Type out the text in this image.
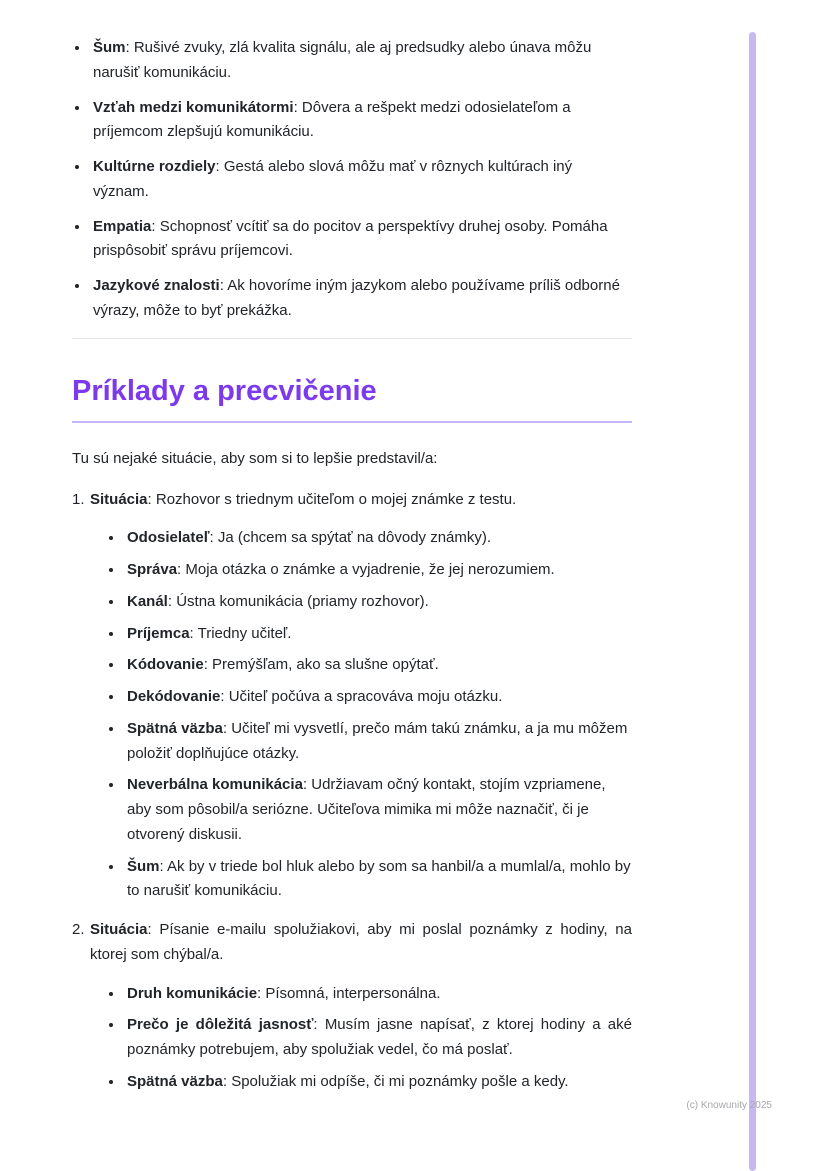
• Šum: Rušivé zvuky, zlá kvalita signálu, ale aj predsudky alebo únava môžu narušiť komunikáciu.
• Vzťah medzi komunikátormi: Dôvera a rešpekt medzi odosielateľom a príjemcom zlepšujú komunikáciu.
• Kultúrne rozdiely: Gestá alebo slová môžu mať v rôznych kultúrach iný význam.
• Empatia: Schopnosť vcítiť sa do pocitov a perspektívy druhej osoby. Pomáha prispôsobiť správu príjemcovi.
• Jazykové znalosti: Ak hovoríme iným jazykom alebo používame príliš odborné výrazy, môže to byť prekážka.
Príklady a precvičenie

Tu sú nejaké situácie, aby som si to lepšie predstavil/a:

1. Situácia: Rozhovor s triednym učiteľom o mojej známke z testu.
• Odosielateľ: Ja (chcem sa spýtať na dôvody známky).
• Správa: Moja otázka o známke a vyjadrenie, že jej nerozumiem.
• Kanál: Ústna komunikácia (priamy rozhovor).
• Príjemca: Triedny učiteľ.
• Kódovanie: Premýšľam, ako sa slušne opýtať.
• Dekódovanie: Učiteľ počúva a spracováva moju otázku.
• Spätná väzba: Učiteľ mi vysvetlí, prečo mám takú známku, a ja mu môžem položiť doplňujúce otázky.
• Neverbálna komunikácia: Udržiavam očný kontakt, stojím vzpriamene, aby som pôsobil/a seriózne. Učiteľova mimika mi môže naznačiť, či je otvorený diskusii.
• Šum: Ak by v triede bol hluk alebo by som sa hanbil/a a mumlal/a, mohlo by to narušiť komunikáciu.
2. Situácia: Písanie e-mailu spolužiakovi, aby mi poslal poznámky z hodiny, na ktorej som chýbal/a.
• Druh komunikácie: Písomná, interpersonálna.
• Prečo je dôležitá jasnosť: Musím jasne napísať, z ktorej hodiny a aké poznámky potrebujem, aby spolužiak vedel, čo má poslať.
• Spätná väzba: Spolužiak mi odpíše, či mi poznámky pošle a kedy.
(c) Knowunity 2025
